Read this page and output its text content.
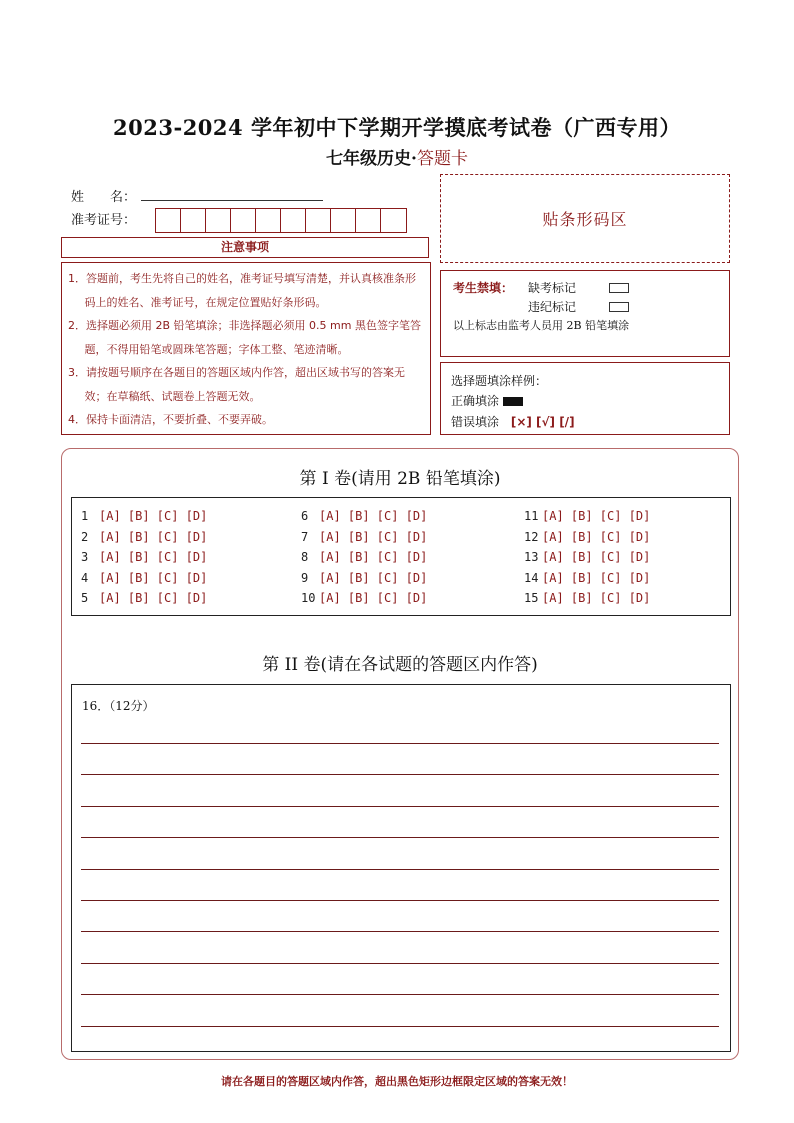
2023-2024 学年初中下学期开学摸底考试卷（广西专用）
七年级历史·答题卡
姓　　名：
准考证号：	贴条形码区
注意事项

1．答题前，考生先将自己的姓名，准考证号填写清楚，并认真核准条形码上的姓名、准考证号，在规定位置贴好条形码。

2．选择题必须用 2B 铅笔填涂；非选择题必须用 0.5 mm 黑色签字笔答题，不得用铅笔或圆珠笔答题；字体工整、笔迹清晰。

3．请按题号顺序在各题目的答题区域内作答，超出区域书写的答案无效；在草稿纸、试题卷上答题无效。

4．保持卡面清洁，不要折叠、不要弄破。

考生禁填： 缺考标记
违纪标记
以上标志由监考人员用 2B 铅笔填涂
选择题填涂样例：
正确填涂
错误填涂 [×] [√] [/]
第 I 卷(请用 2B 铅笔填涂)
1[A] [B] [C] [D]
2[A] [B] [C] [D]
3[A] [B] [C] [D]
4[A] [B] [C] [D]
5[A] [B] [C] [D]
6[A] [B] [C] [D]
7[A] [B] [C] [D]
8[A] [B] [C] [D]
9[A] [B] [C] [D]
10[A] [B] [C] [D]
11[A] [B] [C] [D]
12[A] [B] [C] [D]
13[A] [B] [C] [D]
14[A] [B] [C] [D]
15[A] [B] [C] [D]
第 II 卷(请在各试题的答题区内作答)
16．（12分）
请在各题目的答题区域内作答，超出黑色矩形边框限定区域的答案无效！
